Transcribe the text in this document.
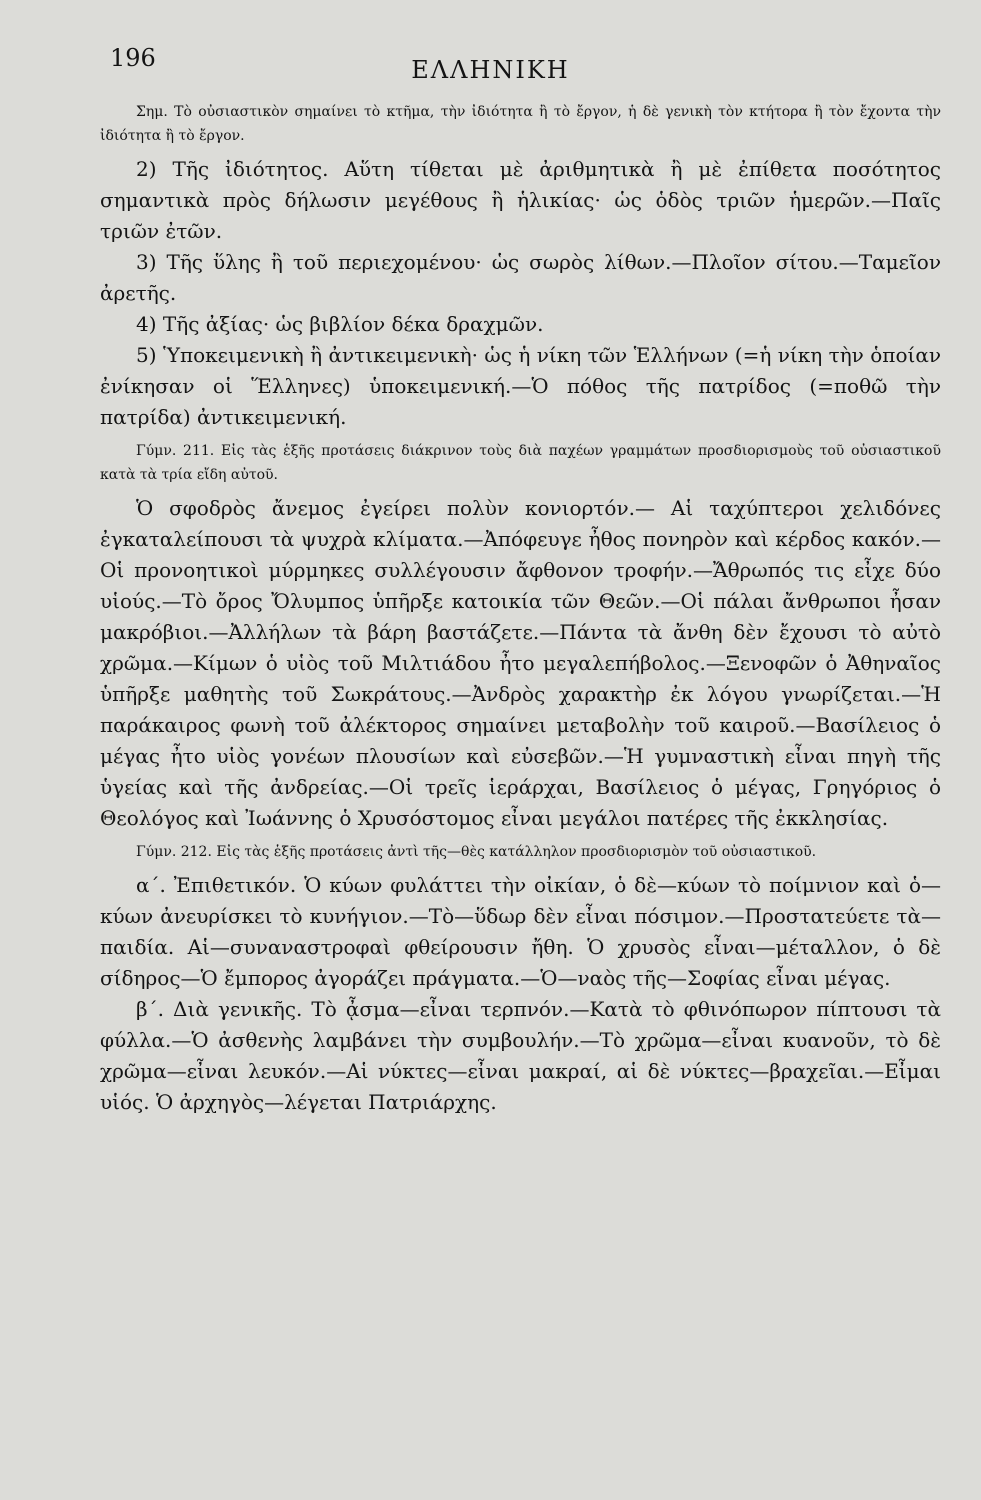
196	ΕΛΛΗΝΙΚΗ

Σημ. Τὸ οὐσιαστικὸν σημαίνει τὸ κτῆμα, τὴν ἰδιότητα ἢ τὸ ἔργον, ἡ δὲ γενικὴ τὸν κτήτορα ἢ τὸν ἔχοντα τὴν ἰδιότητα ἢ τὸ ἔργον.

2) Τῆς ἰδιότητος. Αὕτη τίθεται μὲ ἀριθμητικὰ ἢ μὲ ἐπίθετα ποσότητος σημαντικὰ πρὸς δήλωσιν μεγέθους ἢ ἡλικίας· ὡς ὁδὸς τριῶν ἡμερῶν.—Παῖς τριῶν ἐτῶν.

3) Τῆς ὕλης ἢ τοῦ περιεχομένου· ὡς σωρὸς λίθων.—Πλοῖον σίτου.—Ταμεῖον ἀρετῆς.

4) Τῆς ἀξίας· ὡς βιβλίον δέκα δραχμῶν.

5) Ὑποκειμενικὴ ἢ ἀντικειμενικὴ· ὡς ἡ νίκη τῶν Ἑλλήνων (=ἡ νίκη τὴν ὁποίαν ἐνίκησαν οἱ Ἕλληνες) ὑποκειμενική.—Ὁ πόθος τῆς πατρίδος (=ποθῶ τὴν πατρίδα) ἀντικειμενική.

Γύμν. 211. Εἰς τὰς ἑξῆς προτάσεις διάκρινον τοὺς διὰ παχέων γραμμάτων προσδιορισμοὺς τοῦ οὐσιαστικοῦ κατὰ τὰ τρία εἴδη αὐτοῦ.

Ὁ σφοδρὸς ἄνεμος ἐγείρει πολὺν κονιορτόν.— Αἱ ταχύπτεροι χελιδόνες ἐγκαταλείπουσι τὰ ψυχρὰ κλίματα.—Ἀπόφευγε ἦθος πονηρὸν καὶ κέρδος κακόν.—Οἱ προνοητικοὶ μύρμηκες συλλέγουσιν ἄφθονον τροφήν.—Ἄθρωπός τις εἶχε δύο υἱούς.—Τὸ ὄρος Ὄλυμπος ὑπῆρξε κατοικία τῶν Θεῶν.—Οἱ πάλαι ἄνθρωποι ἦσαν μακρόβιοι.—Ἀλλήλων τὰ βάρη βαστάζετε.—Πάντα τὰ ἄνθη δὲν ἔχουσι τὸ αὐτὸ χρῶμα.—Κίμων ὁ υἱὸς τοῦ Μιλτιάδου ἦτο μεγαλεπήβολος.—Ξενοφῶν ὁ Ἀθηναῖος ὑπῆρξε μαθητὴς τοῦ Σωκράτους.—Ἀνδρὸς χαρακτὴρ ἐκ λόγου γνωρίζεται.—Ἡ παράκαιρος φωνὴ τοῦ ἀλέκτορος σημαίνει μεταβολὴν τοῦ καιροῦ.—Βασίλειος ὁ μέγας ἦτο υἱὸς γονέων πλουσίων καὶ εὐσεβῶν.—Ἡ γυμναστικὴ εἶναι πηγὴ τῆς ὑγείας καὶ τῆς ἀνδρείας.—Οἱ τρεῖς ἱεράρχαι, Βασίλειος ὁ μέγας, Γρηγόριος ὁ Θεολόγος καὶ Ἰωάννης ὁ Χρυσόστομος εἶναι μεγάλοι πατέρες τῆς ἐκκλησίας.

Γύμν. 212. Εἰς τὰς ἑξῆς προτάσεις ἀντὶ τῆς—θὲς κατάλληλον προσδιορισμὸν τοῦ οὐσιαστικοῦ.

α΄. Ἐπιθετικόν. Ὁ κύων φυλάττει τὴν οἰκίαν, ὁ δὲ—κύων τὸ ποίμνιον καὶ ὁ—κύων ἀνευρίσκει τὸ κυνήγιον.—Τὸ—ὕδωρ δὲν εἶναι πόσιμον.—Προστατεύετε τὰ—παιδία. Αἱ—συναναστροφαὶ φθείρουσιν ἤθη. Ὁ χρυσὸς εἶναι—μέταλλον, ὁ δὲ σίδηρος—Ὁ ἔμπορος ἀγοράζει πράγματα.—Ὁ—ναὸς τῆς—Σοφίας εἶναι μέγας.

β΄. Διὰ γενικῆς. Τὸ ᾆσμα—εἶναι τερπνόν.—Κατὰ τὸ φθινόπωρον πίπτουσι τὰ φύλλα.—Ὁ ἀσθενὴς λαμβάνει τὴν συμβουλήν.—Τὸ χρῶμα—εἶναι κυανοῦν, τὸ δὲ χρῶμα—εἶναι λευκόν.—Αἱ νύκτες—εἶναι μακραί, αἱ δὲ νύκτες—βραχεῖαι.—Εἶμαι υἱός. Ὁ ἀρχηγὸς—λέγεται Πατριάρχης.
